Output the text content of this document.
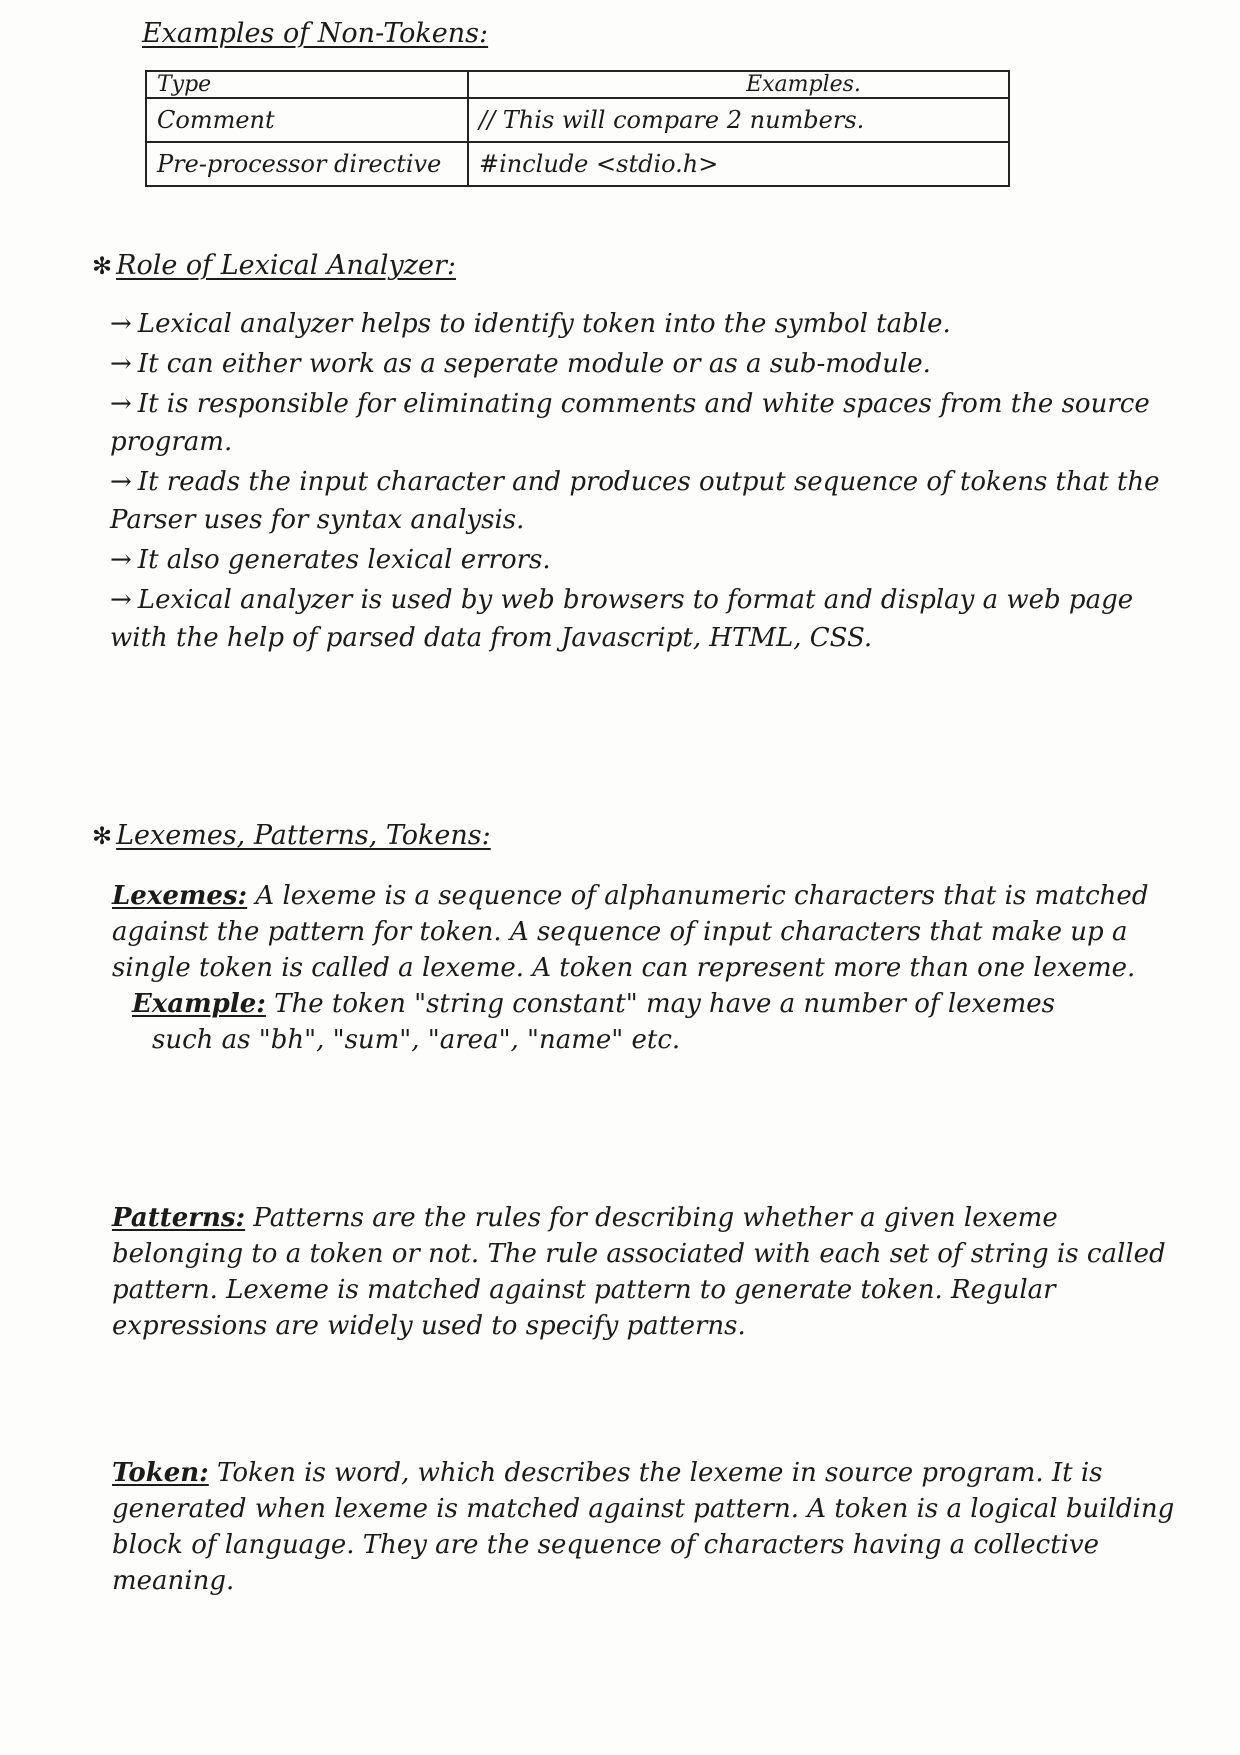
Examples of Non-Tokens:
Type	Examples.
Comment	// This will compare 2 numbers.
Pre-processor directive	#include <stdio.h>
✻ Role of Lexical Analyzer:
→ Lexical analyzer helps to identify token into the symbol table.
→ It can either work as a seperate module or as a sub-module.
→ It is responsible for eliminating comments and white spaces from the source program.
→ It reads the input character and produces output sequence of tokens that the Parser uses for syntax analysis.
→ It also generates lexical errors.
→ Lexical analyzer is used by web browsers to format and display a web page with the help of parsed data from Javascript, HTML, CSS.
✻ Lexemes, Patterns, Tokens:
Lexemes: A lexeme is a sequence of alphanumeric characters that is matched against the pattern for token. A sequence of input characters that make up a single token is called a lexeme. A token can represent more than one lexeme.
Example: The token "string constant" may have a number of lexemes
such as "bh", "sum", "area", "name" etc.
Patterns: Patterns are the rules for describing whether a given lexeme belonging to a token or not. The rule associated with each set of string is called pattern. Lexeme is matched against pattern to generate token. Regular expressions are widely used to specify patterns.
Token: Token is word, which describes the lexeme in source program. It is generated when lexeme is matched against pattern. A token is a logical building block of language. They are the sequence of characters having a collective meaning.
